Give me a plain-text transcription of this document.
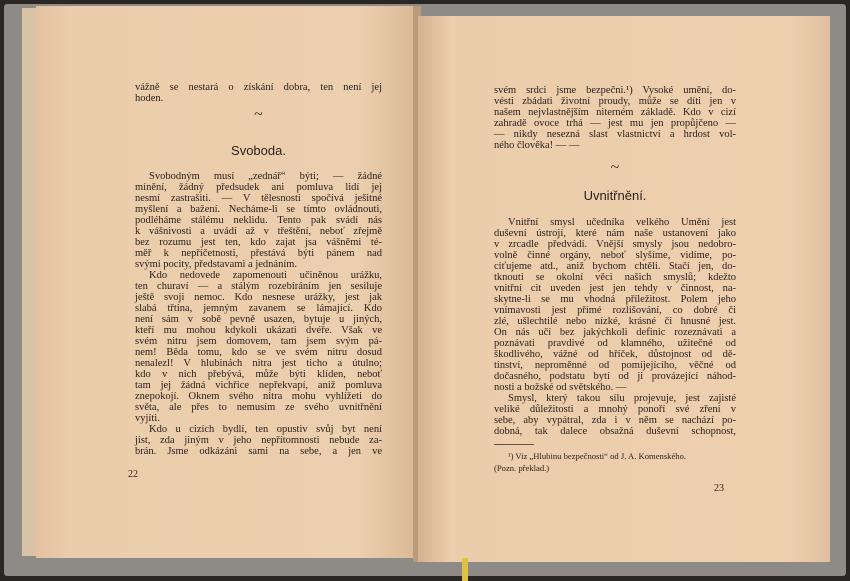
vážně se nestará o získání dobra, ten není jej
hoden.
~
Svoboda.
Svobodným musí „zednář“ býti; — žádné
mínění, žádný předsudek ani pomluva lidí jej
nesmí zastrašiti. — V tělesnosti spočívá ješitné
myšlení a bažení. Necháme-li se tímto ovládnouti,
podléháme stálému neklidu. Tento pak svádí nás
k vášnivosti a uvádí až v třeštění, neboť zřejmě
bez rozumu jest ten, kdo zajat jsa vášněmi té-
měř k nepříčetnosti, přestává býti pánem nad
svými pocity, představami a jednáním.
Kdo nedovede zapomenouti učiněnou urážku,
ten churaví — a stálým rozebíráním jen sesiluje
ještě svoji nemoc. Kdo nesnese urážky, jest jak
slabá třtina, jemným zavanem se lámající. Kdo
není sám v sobě pevně usazen, bytuje u jiných,
kteří mu mohou kdykoli ukázati dvéře. Však ve
svém nitru jsem domovem, tam jsem svým pá-
nem! Běda tomu, kdo se ve svém nitru dosud
nenalezl! V hlubinách nitra jest ticho a útulno;
kdo v nich přebývá, může býti klíden, neboť
tam jej žádná vichřice nepřekvapí, aniž pomluva
znepokojí. Oknem svého nitra mohu vyhlížeti do
světa, ale přes to nemusím ze svého uvnitřnění
vyjíti.
Kdo u cizích bydlí, ten opustiv svůj byt není
jist, zda jiným v jeho nepřítomnosti nebude za-
brán. Jsme odkázáni sami na sebe, a jen ve
22
svém srdci jsme bezpečni.¹) Vysoké umění, do-
vésti zbádati životní proudy, může se díti jen v
našem nejvlastnějším niterném základě. Kdo v cizí
zahradě ovoce trhá — jest mu jen propůjčeno —
— nikdy nesezná slast vlastnictví a hrdost vol-
ného člověka! — —
~
Uvnitřnění.
Vnitřní smysl učedníka velkého Umění jest
duševní ústrojí, které nám naše ustanovení jako
v zrcadle předvádí. Vnější smysly jsou nedobro-
volně činné orgány, neboť slyšíme, vidíme, po-
ciťujeme atd., aniž bychom chtěli. Stačí jen, do-
tknouti se okolní věci našich smyslů; kdežto
vnitřní cit uveden jest jen tehdy v činnost, na-
skytne-li se mu vhodná příležitost. Polem jeho
vnímavosti jest přímé rozlišování, co dobré či
zlé, ušlechtilé nebo nízké, krásné či hnusné jest.
On nás učí bez jakýchkoli definic rozeznávati a
poznávati pravdivé od klamného, užitečné od
škodlivého, vážné od hříček, důstojnost od dě-
tinství, neproměnné od pomíjejícího, věčné od
dočasného, podstatu bytí od ji provázející náhod-
nosti a božské od světského. —
Smysl, který takou sílu projevuje, jest zajisté
veliké důležitosti a mnohý ponoří své zření v
sebe, aby vypátral, zda i v něm se nachází po-
dobná, tak dalece obsažná duševní schopnost,
¹) Viz „Hlubinu bezpečnosti“ od J. A. Komenského.
(Pozn. překlad.)
23
